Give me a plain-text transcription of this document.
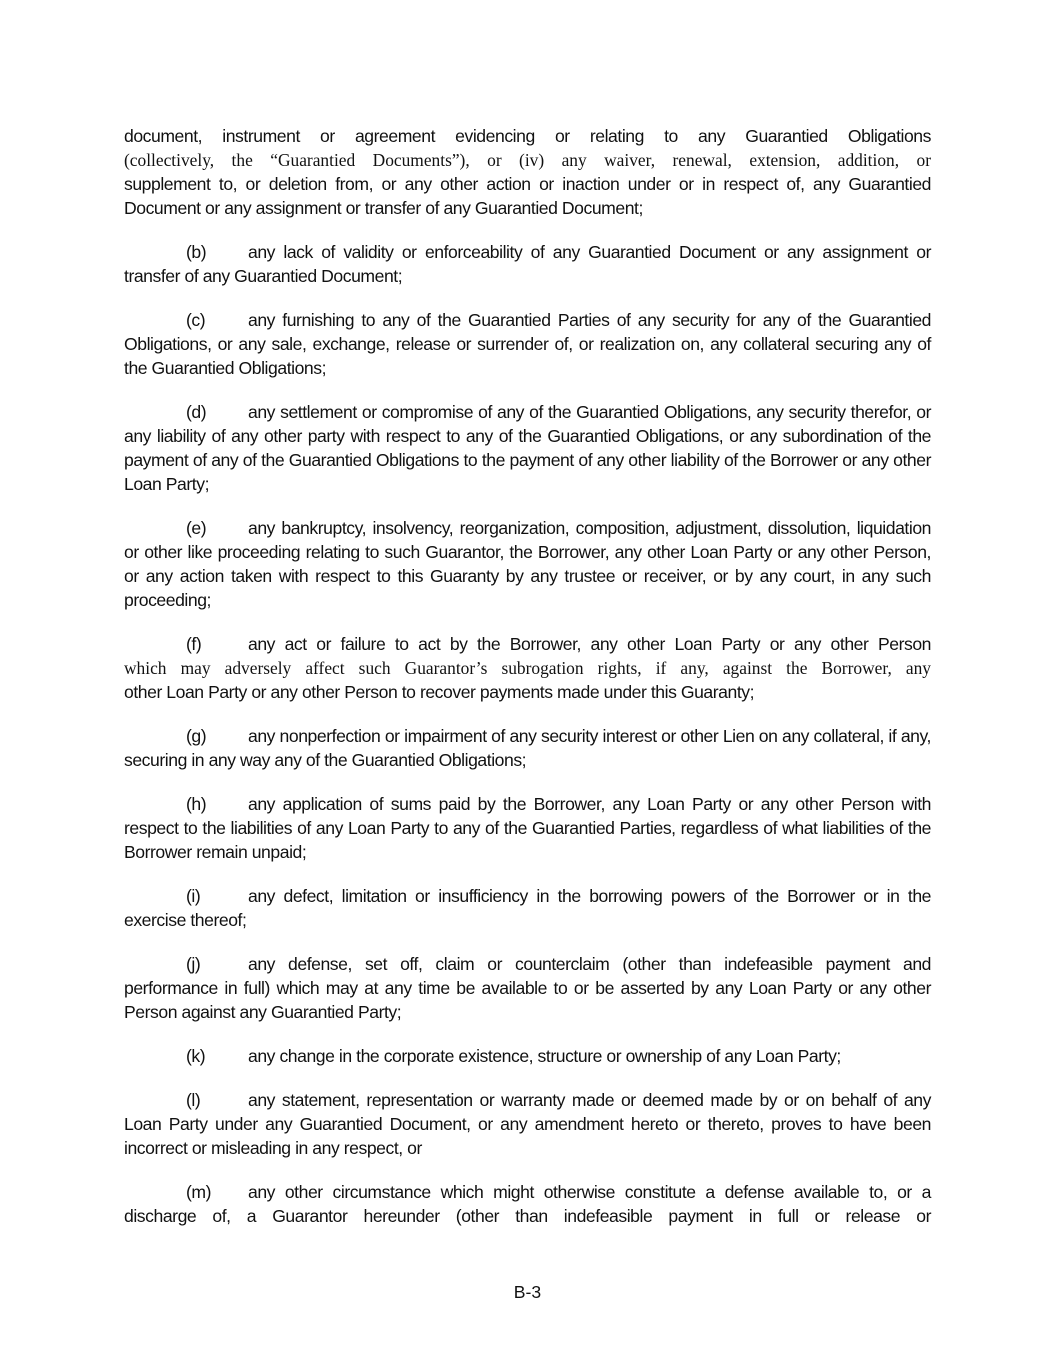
document, instrument or agreement evidencing or relating to any Guarantied Obligations
(collectively, the “Guarantied Documents”), or (iv) any waiver, renewal, extension, addition, or
supplement to, or deletion from, or any other action or inaction under or in respect of, any Guarantied Document or any assignment or transfer of any Guarantied Document;
(b) any lack of validity or enforceability of any Guarantied Document or any assignment or transfer of any Guarantied Document;
(c) any furnishing to any of the Guarantied Parties of any security for any of the Guarantied Obligations, or any sale, exchange, release or surrender of, or realization on, any collateral securing any of the Guarantied Obligations;
(d) any settlement or compromise of any of the Guarantied Obligations, any security therefor, or any liability of any other party with respect to any of the Guarantied Obligations, or any subordination of the payment of any of the Guarantied Obligations to the payment of any other liability of the Borrower or any other Loan Party;
(e) any bankruptcy, insolvency, reorganization, composition, adjustment, dissolution, liquidation or other like proceeding relating to such Guarantor, the Borrower, any other Loan Party or any other Person, or any action taken with respect to this Guaranty by any trustee or receiver, or by any court, in any such proceeding;
(f)	any act or failure to act by the Borrower, any other Loan Party or any other Person
which may adversely affect such Guarantor’s subrogation rights, if any, against the Borrower, any
other Loan Party or any other Person to recover payments made under this Guaranty;
(g) any nonperfection or impairment of any security interest or other Lien on any collateral, if any, securing in any way any of the Guarantied Obligations;
(h) any application of sums paid by the Borrower, any Loan Party or any other Person with respect to the liabilities of any Loan Party to any of the Guarantied Parties, regardless of what liabilities of the Borrower remain unpaid;
(i)	any defect, limitation or insufficiency in the borrowing powers of the Borrower or in the exercise thereof;
(j)	any defense, set off, claim or counterclaim (other than indefeasible payment and performance in full) which may at any time be available to or be asserted by any Loan Party or any other Person against any Guarantied Party;
(k) any change in the corporate existence, structure or ownership of any Loan Party;
(l)	any statement, representation or warranty made or deemed made by or on behalf of any Loan Party under any Guarantied Document, or any amendment hereto or thereto, proves to have been incorrect or misleading in any respect, or
(m) any other circumstance which might otherwise constitute a defense available to, or a discharge of, a Guarantor hereunder (other than indefeasible payment in full or release or
B-3
